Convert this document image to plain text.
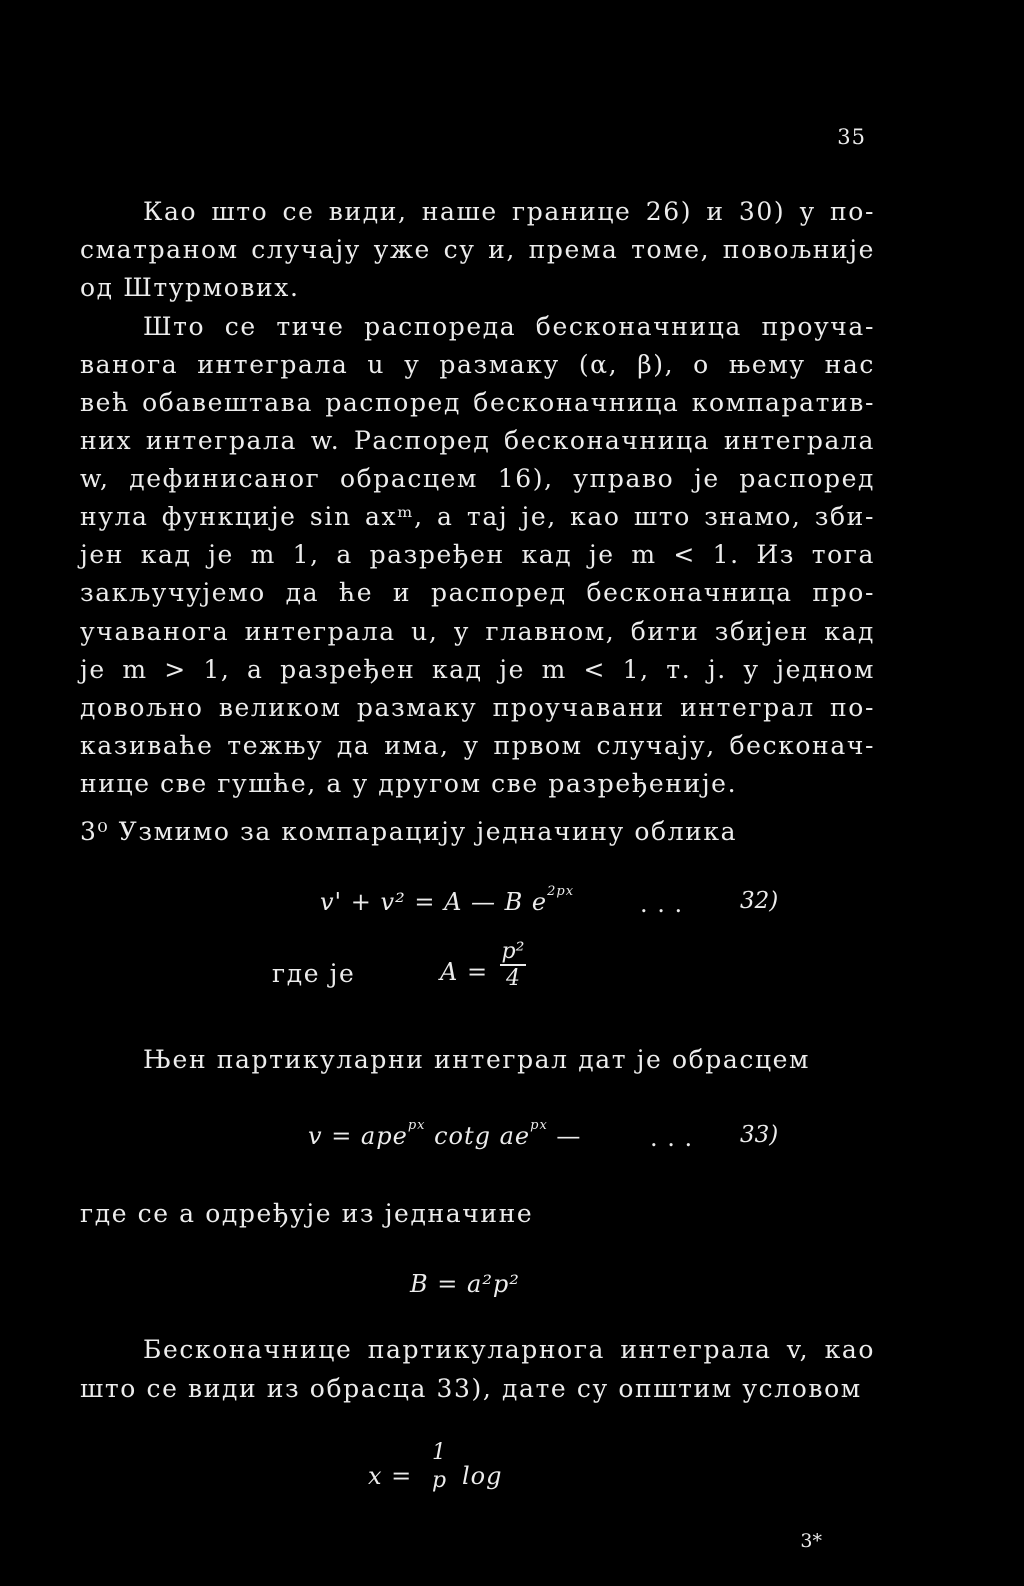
35
Као што се види, наше границе 26) и 30) у по-
сматраном случају уже су и, према томе, повољније
од Штурмових.
Што се тиче распореда бесконачница проуча-
ванога интеграла u у размаку (α, β), о њему нас
већ обавештава распоред бесконачница компаратив-
них интеграла w. Распоред бесконачница интеграла
w, дефинисаног обрасцем 16), управо je распоред
нула функције sin axᵐ, a тај je, као што знамо, зби-
јен кад je m 1, a разређен кад je m < 1. Из тога
закључујемо да ће и распоред бесконачница про-
учаванога интеграла u, у главном, бити збијен кад
je m > 1, a разређен кад je m < 1, т. ј. у једном
довољно великом размаку проучавани интеграл по-
казиваће тежњу да има, у првом случају, бесконач-
нице све гушће, a у другом све разређеније.
3⁰ Узмимо за компарацију једначину облика
v' + v² = A — B $e^{2px}$	. . . 32)
где je	A =
p²
4
Њен партикуларни интеграл дат je обрасцем
v = ape$^{px}$ cotg $ae^{px}$ —	. . . 33)
где се a одређује из једначине
B = a²p²
Бесконачнице партикуларнога интеграла v, као
што се види из обрасца 33), дате су општим условом
x =
1
p log
3*
